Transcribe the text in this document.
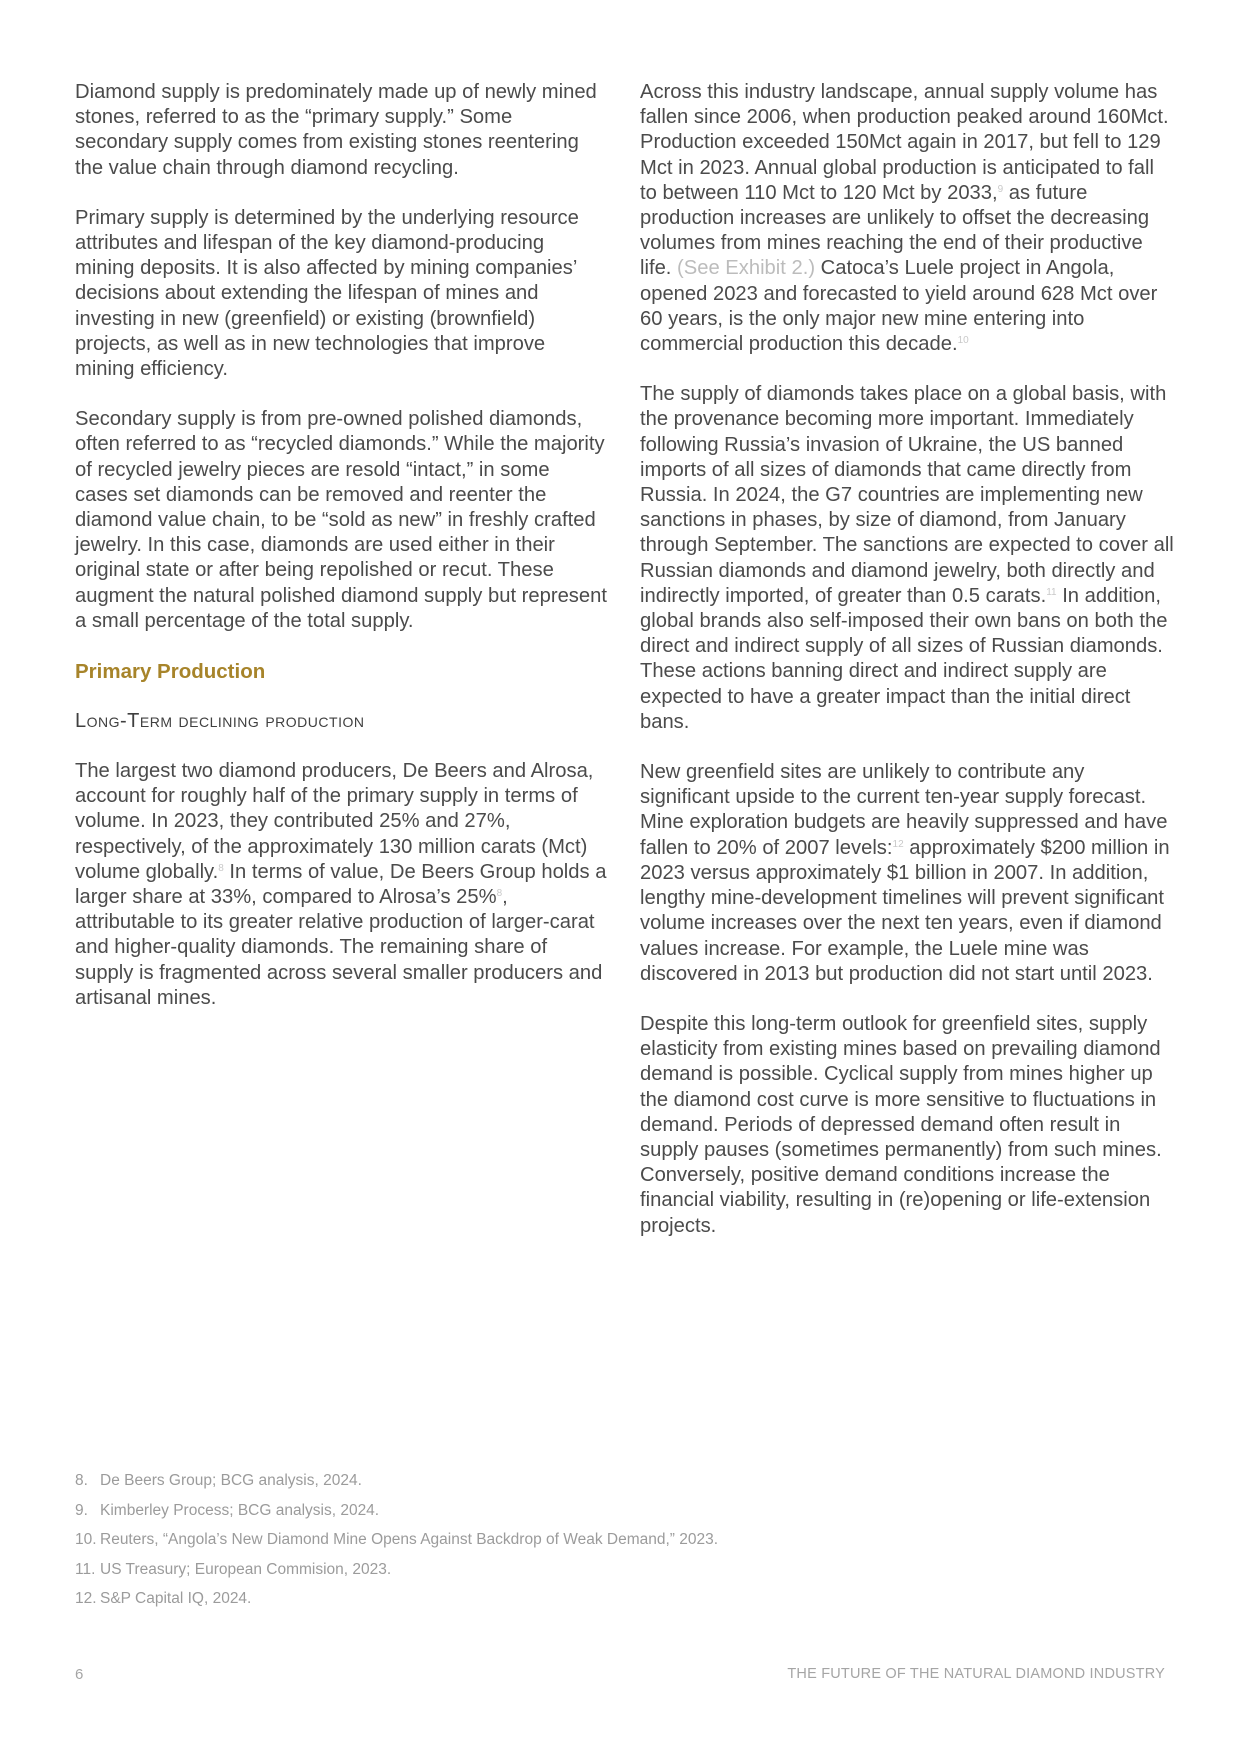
Diamond supply is predominately made up of newly mined stones, referred to as the “primary supply.” Some secondary supply comes from existing stones reentering the value chain through diamond recycling.

Primary supply is determined by the underlying resource attributes and lifespan of the key diamond-producing mining deposits. It is also affected by mining companies’ decisions about extending the lifespan of mines and investing in new (greenfield) or existing (brownfield) projects, as well as in new technologies that improve mining efficiency.

Secondary supply is from pre-owned polished diamonds, often referred to as “recycled diamonds.” While the majority of recycled jewelry pieces are resold “intact,” in some cases set diamonds can be removed and reenter the diamond value chain, to be “sold as new” in freshly crafted jewelry. In this case, diamonds are used either in their original state or after being repolished or recut. These augment the natural polished diamond supply but represent a small percentage of the total supply.

Primary Production
Long-Term declining production

The largest two diamond producers, De Beers and Alrosa, account for roughly half of the primary supply in terms of volume. In 2023, they contributed 25% and 27%, respectively, of the approximately 130 million carats (Mct) volume globally.$^8$ In terms of value, De Beers Group holds a larger share at 33%, compared to Alrosa’s 25%$^8$, attributable to its greater relative production of larger-carat and higher-quality diamonds. The remaining share of supply is fragmented across several smaller producers and artisanal mines.

Across this industry landscape, annual supply volume has fallen since 2006, when production peaked around 160Mct. Production exceeded 150Mct again in 2017, but fell to 129 Mct in 2023. Annual global production is anticipated to fall to between 110 Mct to 120 Mct by 2033,$^9$ as future production increases are unlikely to offset the decreasing volumes from mines reaching the end of their productive life. (See Exhibit 2.) Catoca’s Luele project in Angola, opened 2023 and forecasted to yield around 628 Mct over 60 years, is the only major new mine entering into commercial production this decade.$^{10}$

The supply of diamonds takes place on a global basis, with the provenance becoming more important. Immediately following Russia’s invasion of Ukraine, the US banned imports of all sizes of diamonds that came directly from Russia. In 2024, the G7 countries are implementing new sanctions in phases, by size of diamond, from January through September. The sanctions are expected to cover all Russian diamonds and diamond jewelry, both directly and indirectly imported, of greater than 0.5 carats.$^{11}$ In addition, global brands also self-imposed their own bans on both the direct and indirect supply of all sizes of Russian diamonds. These actions banning direct and indirect supply are expected to have a greater impact than the initial direct bans.

New greenfield sites are unlikely to contribute any significant upside to the current ten-year supply forecast. Mine exploration budgets are heavily suppressed and have fallen to 20% of 2007 levels:$^{12}$ approximately $200 million in 2023 versus approximately $1 billion in 2007. In addition, lengthy mine-development timelines will prevent significant volume increases over the next ten years, even if diamond values increase. For example, the Luele mine was discovered in 2013 but production did not start until 2023.

Despite this long-term outlook for greenfield sites, supply elasticity from existing mines based on prevailing diamond demand is possible. Cyclical supply from mines higher up the diamond cost curve is more sensitive to fluctuations in demand. Periods of depressed demand often result in supply pauses (sometimes permanently) from such mines. Conversely, positive demand conditions increase the financial viability, resulting in (re)opening or life-extension projects.

8. De Beers Group; BCG analysis, 2024.
9. Kimberley Process; BCG analysis, 2024.
10. Reuters, “Angola’s New Diamond Mine Opens Against Backdrop of Weak Demand,” 2023.
11. US Treasury; European Commision, 2023.
12. S&P Capital IQ, 2024.
6	THE FUTURE OF THE NATURAL DIAMOND INDUSTRY
